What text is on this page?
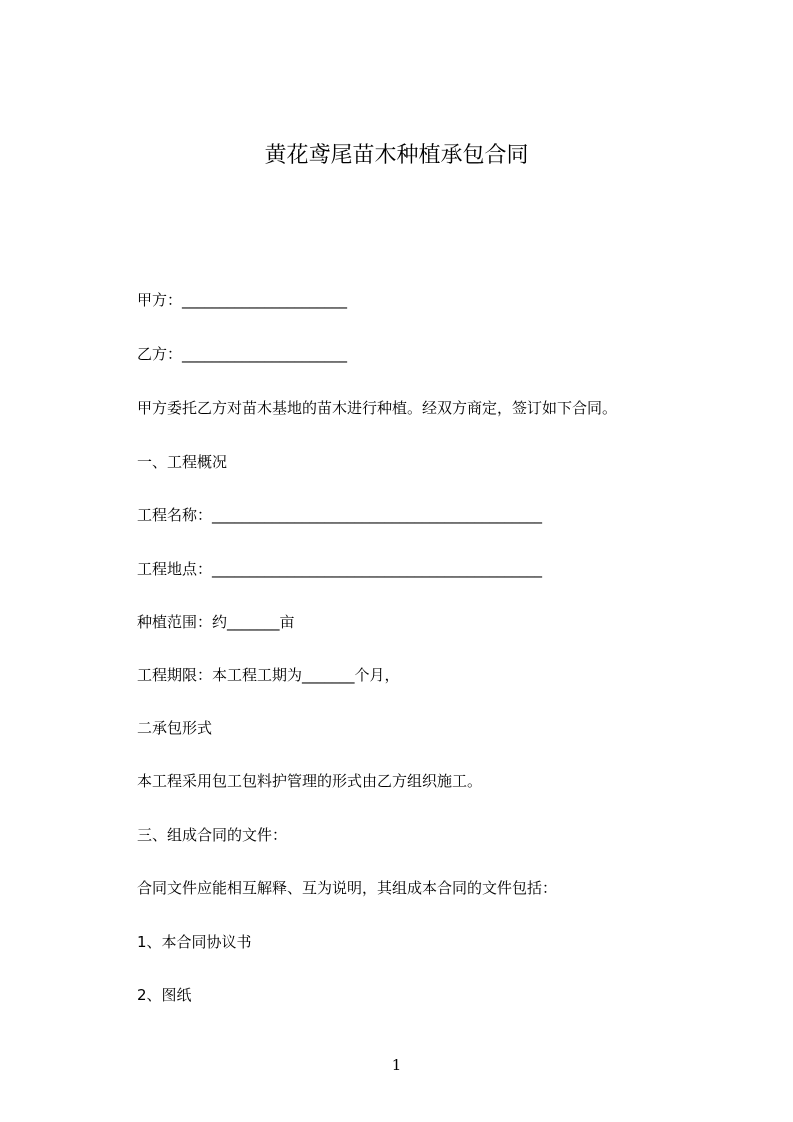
黄花鸢尾苗木种植承包合同
甲方：______________________
乙方：______________________
甲方委托乙方对苗木基地的苗木进行种植。经双方商定，签订如下合同。
一、工程概况
工程名称：____________________________________________
工程地点：____________________________________________
种植范围：约_______亩
工程期限：本工程工期为_______个月，
二承包形式
本工程采用包工包料护管理的形式由乙方组织施工。
三、组成合同的文件：
合同文件应能相互解释、互为说明，其组成本合同的文件包括：
1、本合同协议书
2、图纸
1
